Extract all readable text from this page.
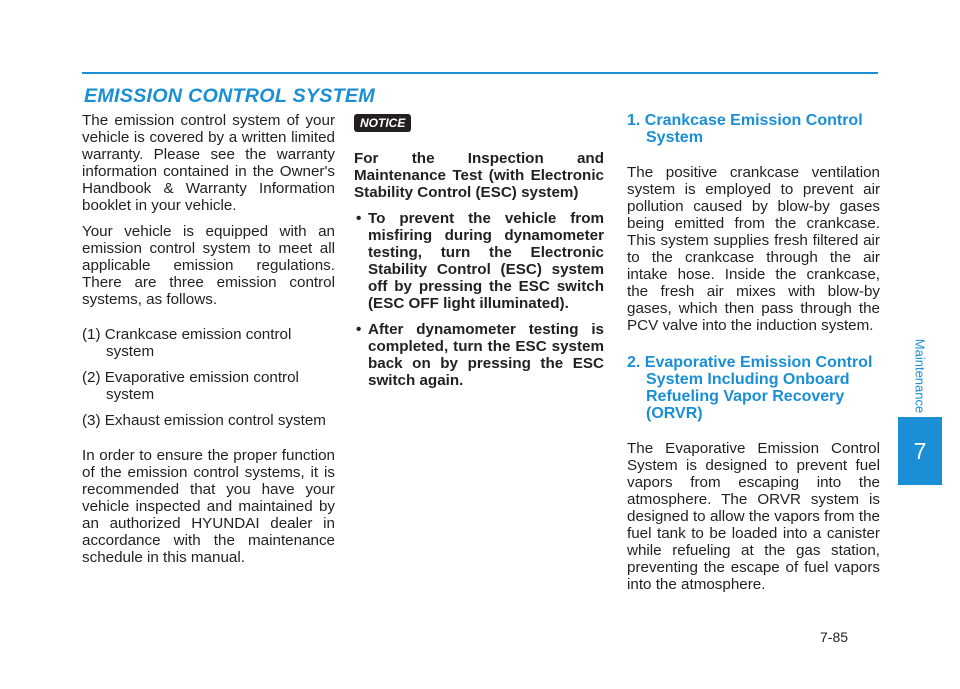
EMISSION CONTROL SYSTEM

The emission control system of your vehicle is covered by a written limited warranty. Please see the warranty information contained in the Owner's Handbook & Warranty Information booklet in your vehicle.

Your vehicle is equipped with an emission control system to meet all applicable emission regulations. There are three emission control systems, as follows.

(1) Crankcase emission control system

(2) Evaporative emission control system

(3) Exhaust emission control system

In order to ensure the proper function of the emission control systems, it is recommended that you have your vehicle inspected and maintained by an authorized HYUNDAI dealer in accordance with the maintenance schedule in this manual.

NOTICE

For the Inspection and Maintenance Test (with Electronic Stability Control (ESC) system)

• To prevent the vehicle from misfiring during dynamometer testing, turn the Electronic Stability Control (ESC) system off by pressing the ESC switch (ESC OFF light illuminated).

• After dynamometer testing is completed, turn the ESC system back on by pressing the ESC switch again.

1. Crankcase Emission Control System

The positive crankcase ventilation system is employed to prevent air pollution caused by blow-by gases being emitted from the crankcase. This system supplies fresh filtered air to the crankcase through the air intake hose. Inside the crankcase, the fresh air mixes with blow-by gases, which then pass through the PCV valve into the induction system.

2. Evaporative Emission Control System Including Onboard Refueling Vapor Recovery (ORVR)

The Evaporative Emission Control System is designed to prevent fuel vapors from escaping into the atmosphere. The ORVR system is designed to allow the vapors from the fuel tank to be loaded into a canister while refueling at the gas station, preventing the escape of fuel vapors into the atmosphere.

Maintenance
7
7-85
